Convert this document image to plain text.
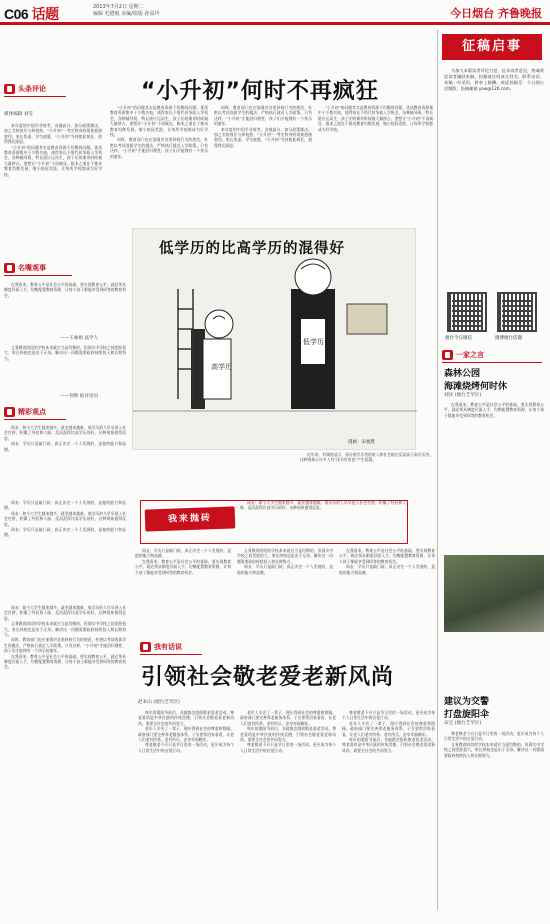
C06 话题	2013年7月2日 星期二
编辑 毛德航 美编/组版 孙显玲	今日烟台 齐鲁晚报
头条评论	“小升初”何时不再疯狂
媒体编辑 刘雪

本年度的中国学业统考，各地高分、加分政策频出，加之名校效应与择校热，“小升初”一考定终身的现象愈演愈烈。家长焦虑、学生疲惫，“小升初”为何如此疯狂，值得我们深思。

“小升初”的问题其实是教育资源不均衡的问题。优质教育资源集中于少数名校，使得家长不惜代价争取入学机会，各种辅导班、特长班应运而生，孩子们的课余时间被大量挤占。要想让“小升初”不再疯狂，根本之道在于推动教育均衡发展，缩小校际差距，让每所学校都成为好学校。

“小升初”的问题其实是教育资源不均衡的问题。优质教育资源集中于少数名校，使得家长不惜代价争取入学机会，各种辅导班、特长班应运而生，孩子们的课余时间被大量挤占。要想让“小升初”不再疯狂，根本之道在于推动教育均衡发展，缩小校际差距，让每所学校都成为好学校。

同时，教育部门也应加强对各类择校行为的规范，杜绝以考试选拔学生的做法，严格执行就近入学政策。只有这样，“小升初”才能回归理性，孩子们才能拥有一个快乐的童年。

同时，教育部门也应加强对各类择校行为的规范，杜绝以考试选拔学生的做法，严格执行就近入学政策。只有这样，“小升初”才能回归理性，孩子们才能拥有一个快乐的童年。

本年度的中国学业统考，各地高分、加分政策频出，加之名校效应与择校热，“小升初”一考定终身的现象愈演愈烈。家长焦虑、学生疲惫，“小升初”为何如此疯狂，值得我们深思。

“小升初”的问题其实是教育资源不均衡的问题。优质教育资源集中于少数名校，使得家长不惜代价争取入学机会，各种辅导班、特长班应运而生，孩子们的课余时间被大量挤占。要想让“小升初”不再疯狂，根本之道在于推动教育均衡发展，缩小校际差距，让每所学校都成为好学校。

名嘴观事

在我看来，教育公平是社会公平的基础。要实现教育公平，就必须从制度层面入手，均衡配置教育资源，让每个孩子都能享受到同等的教育机会。

——王咏娟 法学人

义务教育阶段的学校本来就应当是均衡的，但现实中学校之间差距很大，家长择校也是出于无奈。解决这一问题需要政府持续投入和长期努力。

——何辉 报评论员
精彩观点

网友：如今大学生越来越多，就业越来越难，低学历的人早早进入社会打拼，积累了经验和人脉，反而混得比高学历的好，这种现象值得反思。

网友：学历只是敲门砖，真正决定一个人发展的，是他的能力和品德。

网友：学历只是敲门砖，真正决定一个人发展的，是他的能力和品德。

网友：如今大学生越来越多，就业越来越难，低学历的人早早进入社会打拼，积累了经验和人脉，反而混得比高学历的好，这种现象值得反思。

网友：学历只是敲门砖，真正决定一个人发展的，是他的能力和品德。

低学历的比高学历的混得好
高学历
低学历
漫画：宋福胜

近年来，有调查显示，部分低学历者的收入和社会地位反而高于高学历者。这种现象让许多人对“读书有用论”产生质疑。

我来抛砖

网友：如今大学生越来越多，就业越来越难，低学历的人早早进入社会打拼，积累了经验和人脉，反而混得比高学历的好，这种现象值得反思。

网友：学历只是敲门砖，真正决定一个人发展的，是他的能力和品德。

在我看来，教育公平是社会公平的基础。要实现教育公平，就必须从制度层面入手，均衡配置教育资源，让每个孩子都能享受到同等的教育机会。

义务教育阶段的学校本来就应当是均衡的，但现实中学校之间差距很大，家长择校也是出于无奈。解决这一问题需要政府持续投入和长期努力。

网友：学历只是敲门砖，真正决定一个人发展的，是他的能力和品德。

在我看来，教育公平是社会公平的基础。要实现教育公平，就必须从制度层面入手，均衡配置教育资源，让每个孩子都能享受到同等的教育机会。

网友：学历只是敲门砖，真正决定一个人发展的，是他的能力和品德。

我有话说

网友：如今大学生越来越多，就业越来越难，低学历的人早早进入社会打拼，积累了经验和人脉，反而混得比高学历的好，这种现象值得反思。

义务教育阶段的学校本来就应当是均衡的，但现实中学校之间差距很大，家长择校也是出于无奈。解决这一问题需要政府持续投入和长期努力。

同时，教育部门也应加强对各类择校行为的规范，杜绝以考试选拔学生的做法，严格执行就近入学政策。只有这样，“小升初”才能回归理性，孩子们才能拥有一个快乐的童年。

在我看来，教育公平是社会公平的基础。要实现教育公平，就必须从制度层面入手，均衡配置教育资源，让每个孩子都能享受到同等的教育机会。	引领社会敬老爱老新风尚
赵本山 (烟台芝罘区)

每年的重阳节前后，各地都会组织敬老爱老活动。尊老爱幼是中华民族的传统美德，引领社会敬老爱老新风尚，需要全社会的共同努力。

老年人辛苦了一辈子，理应得到社会的尊重和照顾。政府部门要完善养老服务体系，子女要常回家看看，让老人们老有所养、老有所乐，安享幸福晚年。

尊老敬老不应只是节日里的一场活动，更应成为每个人日常生活中的自觉行动。

老年人辛苦了一辈子，理应得到社会的尊重和照顾。政府部门要完善养老服务体系，子女要常回家看看，让老人们老有所养、老有所乐，安享幸福晚年。

每年的重阳节前后，各地都会组织敬老爱老活动。尊老爱幼是中华民族的传统美德，引领社会敬老爱老新风尚，需要全社会的共同努力。

尊老敬老不应只是节日里的一场活动，更应成为每个人日常生活中的自觉行动。

尊老敬老不应只是节日里的一场活动，更应成为每个人日常生活中的自觉行动。

老年人辛苦了一辈子，理应得到社会的尊重和照顾。政府部门要完善养老服务体系，子女要常回家看看，让老人们老有所养、老有所乐，安享幸福晚年。

每年的重阳节前后，各地都会组织敬老爱老活动。尊老爱幼是中华民族的传统美德，引领社会敬老爱老新风尚，需要全社会的共同努力。

征稿启事

为加大本版读者评论力度，征求读者意见，热诚欢迎读者踊跃来稿，投稿请注明真实姓名、联系电话。来稿一经采用，将奉上稿酬。欢迎投稿至：今日烟台话题版，投稿邮箱 yaw@126.com。

烟台今日微信	微博烟台话题
一家之言
森林公园
海滩烧烤何时休
刘泽 (烟台芝罘区)

在我看来，教育公平是社会公平的基础。要实现教育公平，就必须从制度层面入手，均衡配置教育资源，让每个孩子都能享受到同等的教育机会。

建议为交警
打盘旋阳伞
宋宝 (烟台芝罘区)

尊老敬老不应只是节日里的一场活动，更应成为每个人日常生活中的自觉行动。

义务教育阶段的学校本来就应当是均衡的，但现实中学校之间差距很大，家长择校也是出于无奈。解决这一问题需要政府持续投入和长期努力。
